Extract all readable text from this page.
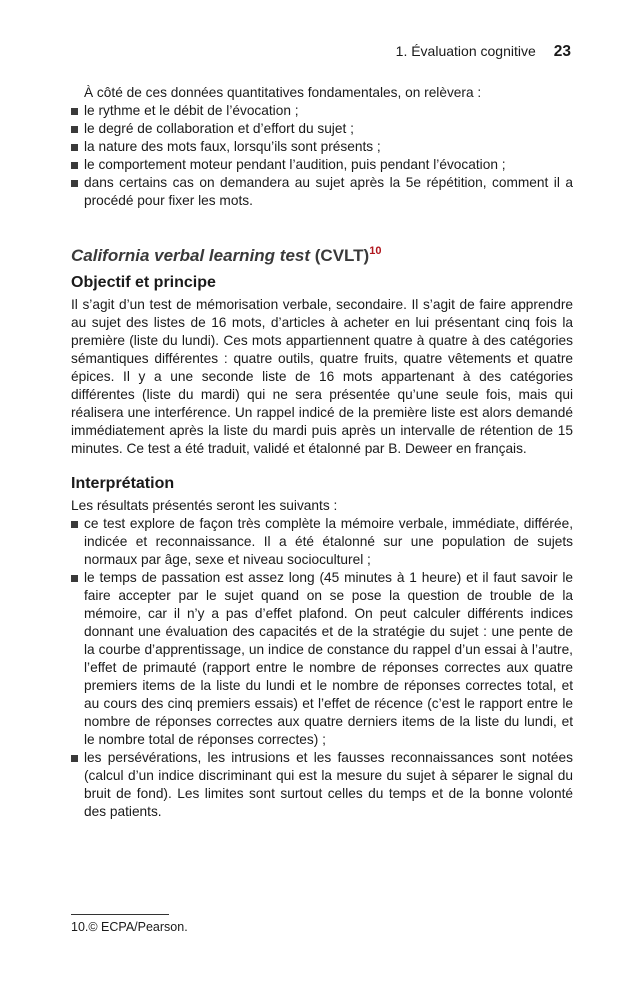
1. Évaluation cognitive 23

À côté de ces données quantitatives fondamentales, on relèvera :

le rythme et le débit de l’évocation ;
le degré de collaboration et d’effort du sujet ;
la nature des mots faux, lorsqu’ils sont présents ;
le comportement moteur pendant l’audition, puis pendant l’évocation ;
dans certains cas on demandera au sujet après la 5e répétition, comment il a procédé pour fixer les mots.
California verbal learning test (CVLT)$^{10}$
Objectif et principe

Il s’agit d’un test de mémorisation verbale, secondaire. Il s’agit de faire apprendre au sujet des listes de 16 mots, d’articles à acheter en lui présentant cinq fois la première (liste du lundi). Ces mots appartiennent quatre à quatre à des catégories sémantiques différentes : quatre outils, quatre fruits, quatre vêtements et quatre épices. Il y a une seconde liste de 16 mots appartenant à des catégories différentes (liste du mardi) qui ne sera présentée qu’une seule fois, mais qui réalisera une interférence. Un rappel indicé de la première liste est alors demandé immédiatement après la liste du mardi puis après un intervalle de rétention de 15 minutes. Ce test a été traduit, validé et étalonné par B. Deweer en français.

Interprétation

Les résultats présentés seront les suivants :

ce test explore de façon très complète la mémoire verbale, immédiate, différée, indicée et reconnaissance. Il a été étalonné sur une population de sujets normaux par âge, sexe et niveau socioculturel ;
le temps de passation est assez long (45 minutes à 1 heure) et il faut savoir le faire accepter par le sujet quand on se pose la question de trouble de la mémoire, car il n’y a pas d’effet plafond. On peut calculer différents indices donnant une évaluation des capacités et de la stratégie du sujet : une pente de la courbe d’apprentissage, un indice de constance du rappel d’un essai à l’autre, l’effet de primauté (rapport entre le nombre de réponses correctes aux quatre premiers items de la liste du lundi et le nombre de réponses correctes total, et au cours des cinq premiers essais) et l’effet de récence (c’est le rapport entre le nombre de réponses correctes aux quatre derniers items de la liste du lundi, et le nombre total de réponses correctes) ;
les persévérations, les intrusions et les fausses reconnaissances sont notées (calcul d’un indice discriminant qui est la mesure du sujet à séparer le signal du bruit de fond). Les limites sont surtout celles du temps et de la bonne volonté des patients.
10.© ECPA/Pearson.
